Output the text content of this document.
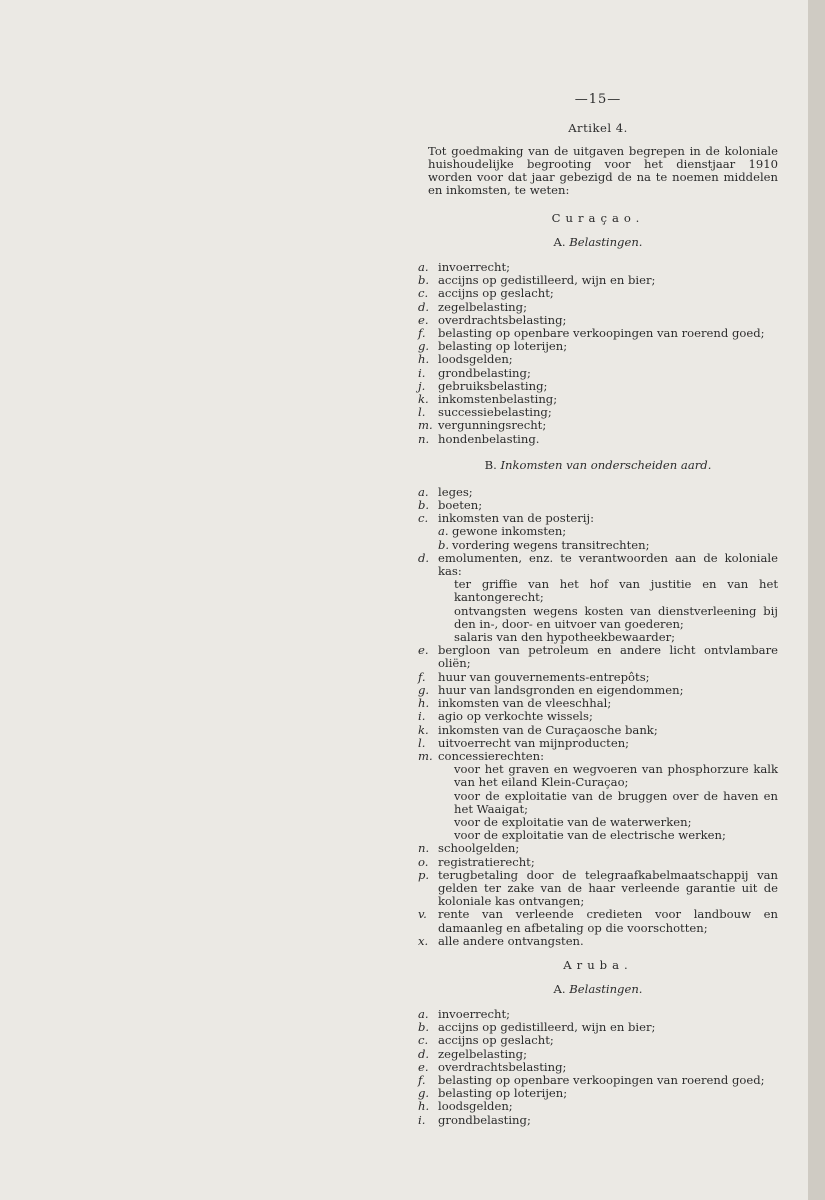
—15—
Artikel 4.
Tot goedmaking van de uitgaven begrepen in de koloniale huishoudelijke begrooting voor het dienstjaar 1910 worden voor dat jaar gebezigd de na te noemen middelen en inkomsten, te weten:
Curaçao.
A. Belastingen.
a. invoerrecht;
b. accijns op gedistilleerd, wijn en bier;
c. accijns op geslacht;
d. zegelbelasting;
e. overdrachtsbelasting;
f.	belasting op openbare verkoopingen van roerend goed;
g. belasting op loterijen;
h. loodsgelden;
i.	grondbelasting;
j.	gebruiksbelasting;
k. inkomstenbelasting;
l.	successiebelasting;
m. vergunningsrecht;
n. hondenbelasting.
B. Inkomsten van onderscheiden aard.
a. leges;
b. boeten;
c. inkomsten van de posterij:
a. gewone inkomsten;
b. vordering wegens transitrechten;
d. emolumenten, enz. te verantwoorden aan de koloniale kas:
ter griffie van het hof van justitie en van het kantongerecht;
ontvangsten wegens kosten van dienstverleening bij den in-, door- en uitvoer van goederen;
salaris van den hypotheekbewaarder;
e. bergloon van petroleum en andere licht ontvlambare oliën;
f.	huur van gouvernements-entrepôts;
g. huur van landsgronden en eigendommen;
h. inkomsten van de vleeschhal;
i.	agio op verkochte wissels;
k. inkomsten van de Curaçaosche bank;
l.	uitvoerrecht van mijnproducten;
m. concessierechten:
voor het graven en wegvoeren van phosphorzure kalk van het eiland Klein-Curaçao;
voor de exploitatie van de bruggen over de haven en het Waaigat;
voor de exploitatie van de waterwerken;
voor de exploitatie van de electrische werken;
n. schoolgelden;
o. registratierecht;
p. terugbetaling door de telegraafkabelmaatschappij van gelden ter zake van de haar verleende garantie uit de koloniale kas ontvangen;
v. rente van verleende credieten voor landbouw en damaanleg en afbetaling op die voorschotten;
x. alle andere ontvangsten.
Aruba.
A. Belastingen.
a. invoerrecht;
b. accijns op gedistilleerd, wijn en bier;
c. accijns op geslacht;
d. zegelbelasting;
e. overdrachtsbelasting;
f.	belasting op openbare verkoopingen van roerend goed;
g. belasting op loterijen;
h. loodsgelden;
i.	grondbelasting;
